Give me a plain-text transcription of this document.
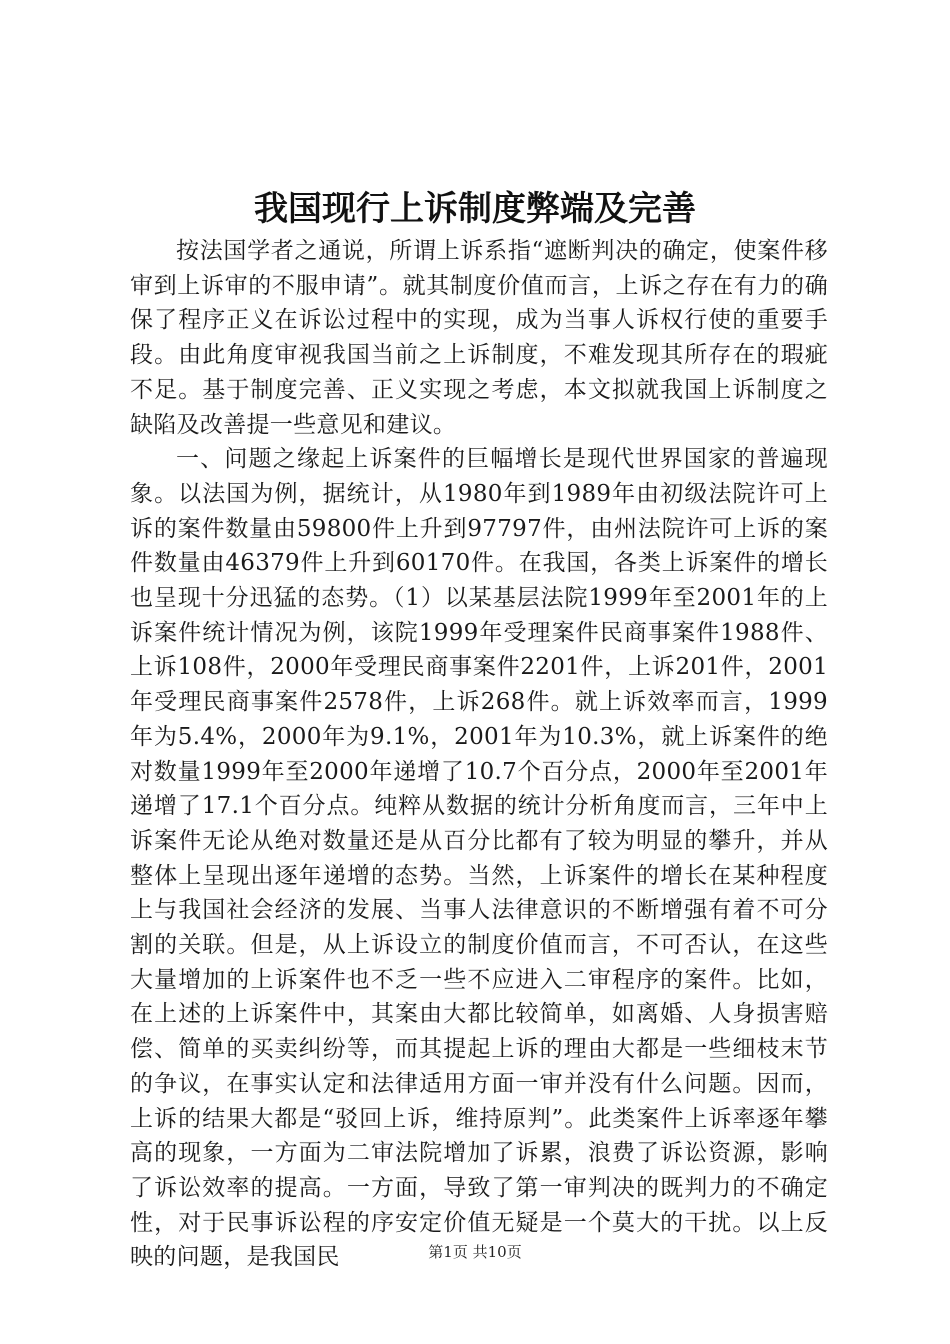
我国现行上诉制度弊端及完善

按法国学者之通说，所谓上诉系指“遮断判决的确定，使案件移审到上诉审的不服申请”。就其制度价值而言，上诉之存在有力的确保了程序正义在诉讼过程中的实现，成为当事人诉权行使的重要手段。由此角度审视我国当前之上诉制度，不难发现其所存在的瑕疵不足。基于制度完善、正义实现之考虑，本文拟就我国上诉制度之缺陷及改善提一些意见和建议。

一、问题之缘起上诉案件的巨幅增长是现代世界国家的普遍现象。以法国为例，据统计，从1980年到1989年由初级法院许可上诉的案件数量由59800件上升到97797件，由州法院许可上诉的案件数量由46379件上升到60170件。在我国，各类上诉案件的增长也呈现十分迅猛的态势。（1）以某基层法院1999年至2001年的上诉案件统计情况为例，该院1999年受理案件民商事案件1988件、上诉108件，2000年受理民商事案件2201件，上诉201件，2001年受理民商事案件2578件，上诉268件。就上诉效率而言，1999年为5.4%，2000年为9.1%，2001年为10.3%，就上诉案件的绝对数量1999年至2000年递增了10.7个百分点，2000年至2001年递增了17.1个百分点。纯粹从数据的统计分析角度而言，三年中上诉案件无论从绝对数量还是从百分比都有了较为明显的攀升，并从整体上呈现出逐年递增的态势。当然，上诉案件的增长在某种程度上与我国社会经济的发展、当事人法律意识的不断增强有着不可分割的关联。但是，从上诉设立的制度价值而言，不可否认，在这些大量增加的上诉案件也不乏一些不应进入二审程序的案件。比如，在上述的上诉案件中，其案由大都比较简单，如离婚、人身损害赔偿、简单的买卖纠纷等，而其提起上诉的理由大都是一些细枝末节的争议，在事实认定和法律适用方面一审并没有什么问题。因而，上诉的结果大都是“驳回上诉，维持原判”。此类案件上诉率逐年攀高的现象，一方面为二审法院增加了诉累，浪费了诉讼资源，影响了诉讼效率的提高。一方面，导致了第一审判决的既判力的不确定性，对于民事诉讼程的序安定价值无疑是一个莫大的干扰。以上反映的问题，是我国民	第1页 共10页
